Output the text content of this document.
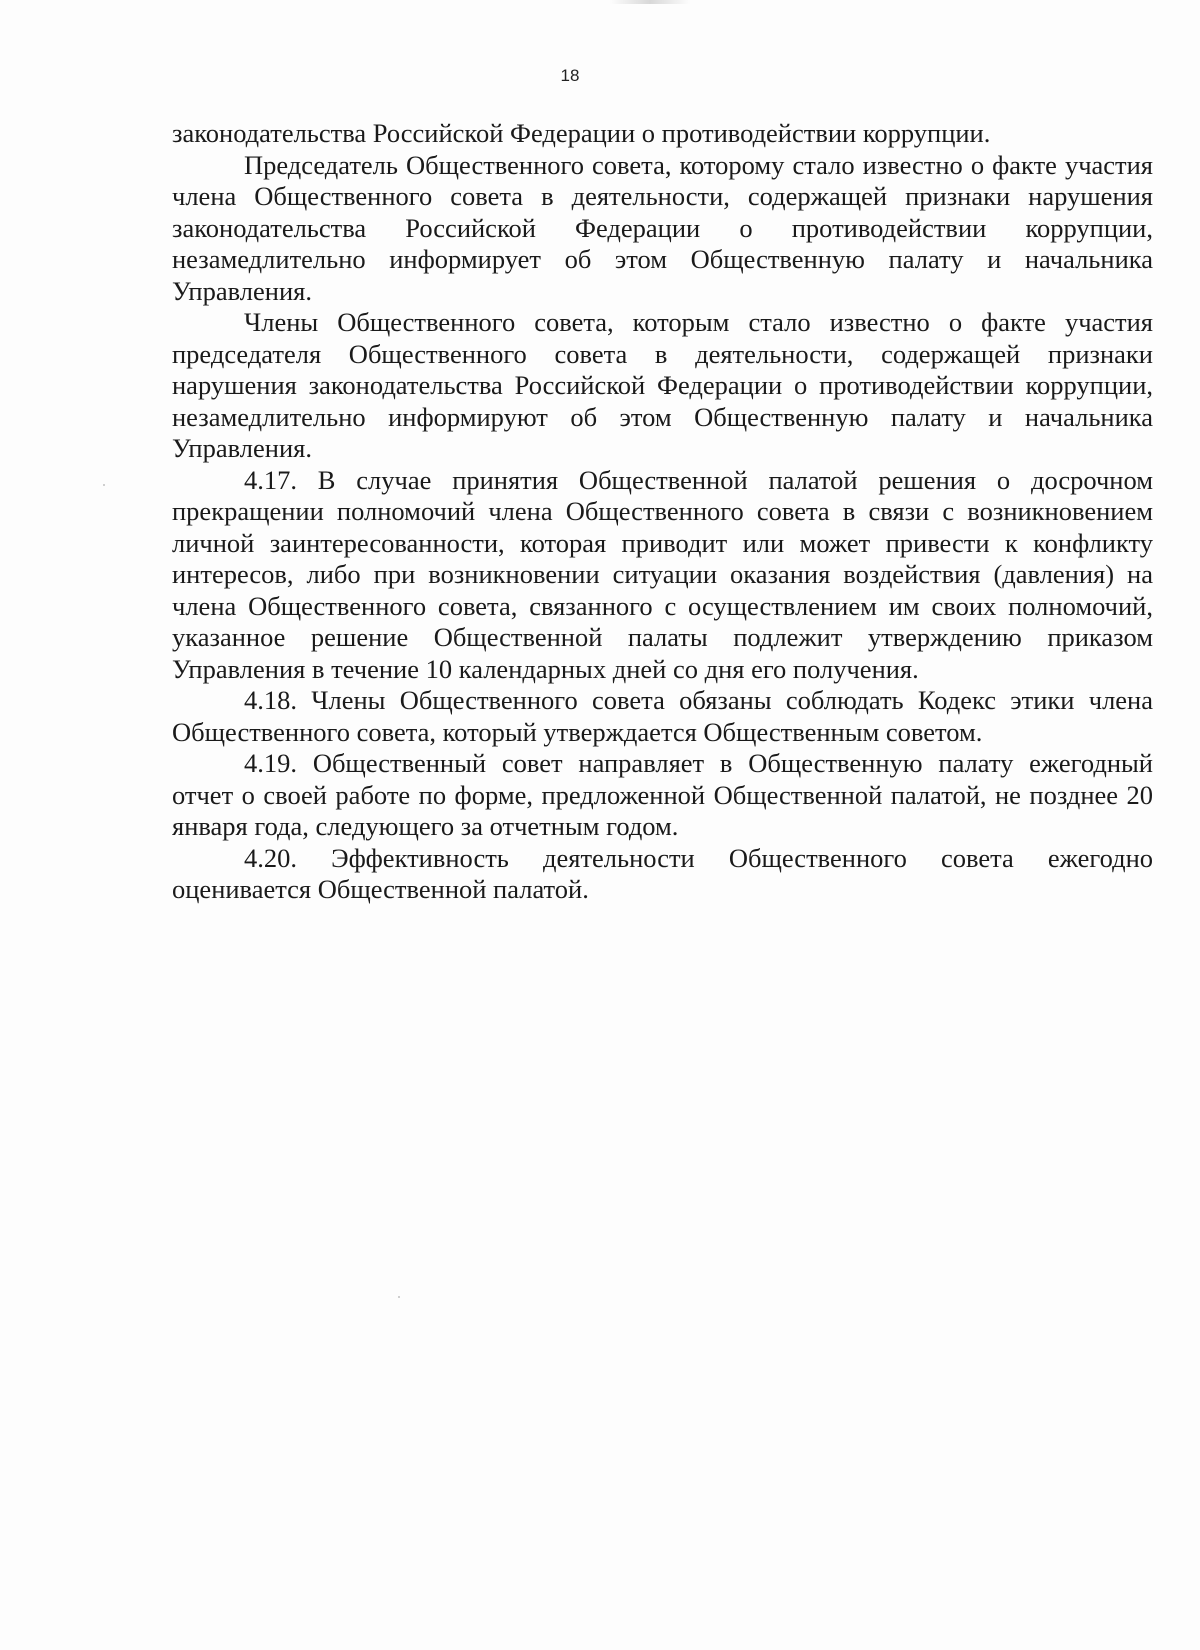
18

законодательства Российской Федерации о противодействии коррупции.

Председатель Общественного совета, которому стало известно о факте участия члена Общественного совета в деятельности, содержащей признаки нарушения законодательства Российской Федерации о противодействии коррупции, незамедлительно информирует об этом Общественную палату и начальника Управления.

Члены Общественного совета, которым стало известно о факте участия председателя Общественного совета в деятельности, содержащей признаки нарушения законодательства Российской Федерации о противодействии коррупции, незамедлительно информируют об этом Общественную палату и начальника Управления.

4.17. В случае принятия Общественной палатой решения о досрочном прекращении полномочий члена Общественного совета в связи с возникновением личной заинтересованности, которая приводит или может привести к конфликту интересов, либо при возникновении ситуации оказания воздействия (давления) на члена Общественного совета, связанного с осуществлением им своих полномочий, указанное решение Общественной палаты подлежит утверждению приказом Управления в течение 10 календарных дней со дня его получения.

4.18. Члены Общественного совета обязаны соблюдать Кодекс этики члена Общественного совета, который утверждается Общественным советом.

4.19. Общественный совет направляет в Общественную палату ежегодный отчет о своей работе по форме, предложенной Общественной палатой, не позднее 20 января года, следующего за отчетным годом.

4.20. Эффективность деятельности Общественного совета ежегодно оценивается Общественной палатой.
